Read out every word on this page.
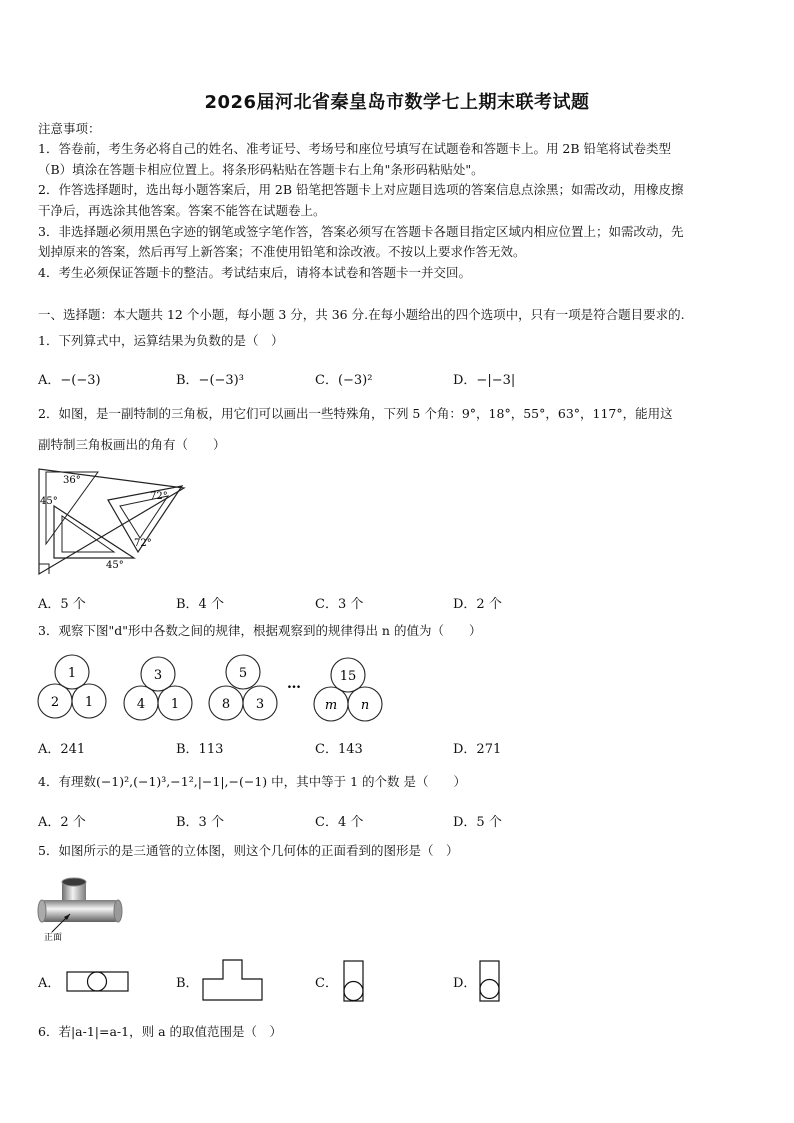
2026届河北省秦皇岛市数学七上期末联考试题
注意事项：
1．答卷前，考生务必将自己的姓名、准考证号、考场号和座位号填写在试题卷和答题卡上。用 2B 铅笔将试卷类型
（B）填涂在答题卡相应位置上。将条形码粘贴在答题卡右上角"条形码粘贴处"。
2．作答选择题时，选出每小题答案后，用 2B 铅笔把答题卡上对应题目选项的答案信息点涂黑；如需改动，用橡皮擦
干净后，再选涂其他答案。答案不能答在试题卷上。
3．非选择题必须用黑色字迹的钢笔或签字笔作答，答案必须写在答题卡各题目指定区域内相应位置上；如需改动，先
划掉原来的答案，然后再写上新答案；不准使用铅笔和涂改液。不按以上要求作答无效。
4．考生必须保证答题卡的整洁。考试结束后，请将本试卷和答题卡一并交回。
一、选择题：本大题共 12 个小题，每小题 3 分，共 36 分.在每小题给出的四个选项中，只有一项是符合题目要求的.
1．下列算式中，运算结果为负数的是（　）
A．−(−3)	B．−(−3)³	C．(−3)²	D．−|−3|
2．如图，是一副特制的三角板，用它们可以画出一些特殊角，下列 5 个角：9°，18°，55°，63°，117°，能用这
副特制三角板画出的角有（　　）
36°
72°
45°
72°
45°
A．5 个	B．4 个	C．3 个	D．2 个
3．观察下图"d"形中各数之间的规律，根据观察到的规律得出 n 的值为（　　）
1
2 1
3
4 1
5
8 3
15
m n
…
A．241	B．113	C．143	D．271
4．有理数(−1)²,(−1)³,−1²,|−1|,−(−1) 中，其中等于 1 的个数 是（　　）
A．2 个	B．3 个	C．4 个	D．5 个
5．如图所示的是三通管的立体图，则这个几何体的正面看到的图形是（　）
正面
A．	B．	C．	D．
6．若|a-1|=a-1，则 a 的取值范围是（　）
